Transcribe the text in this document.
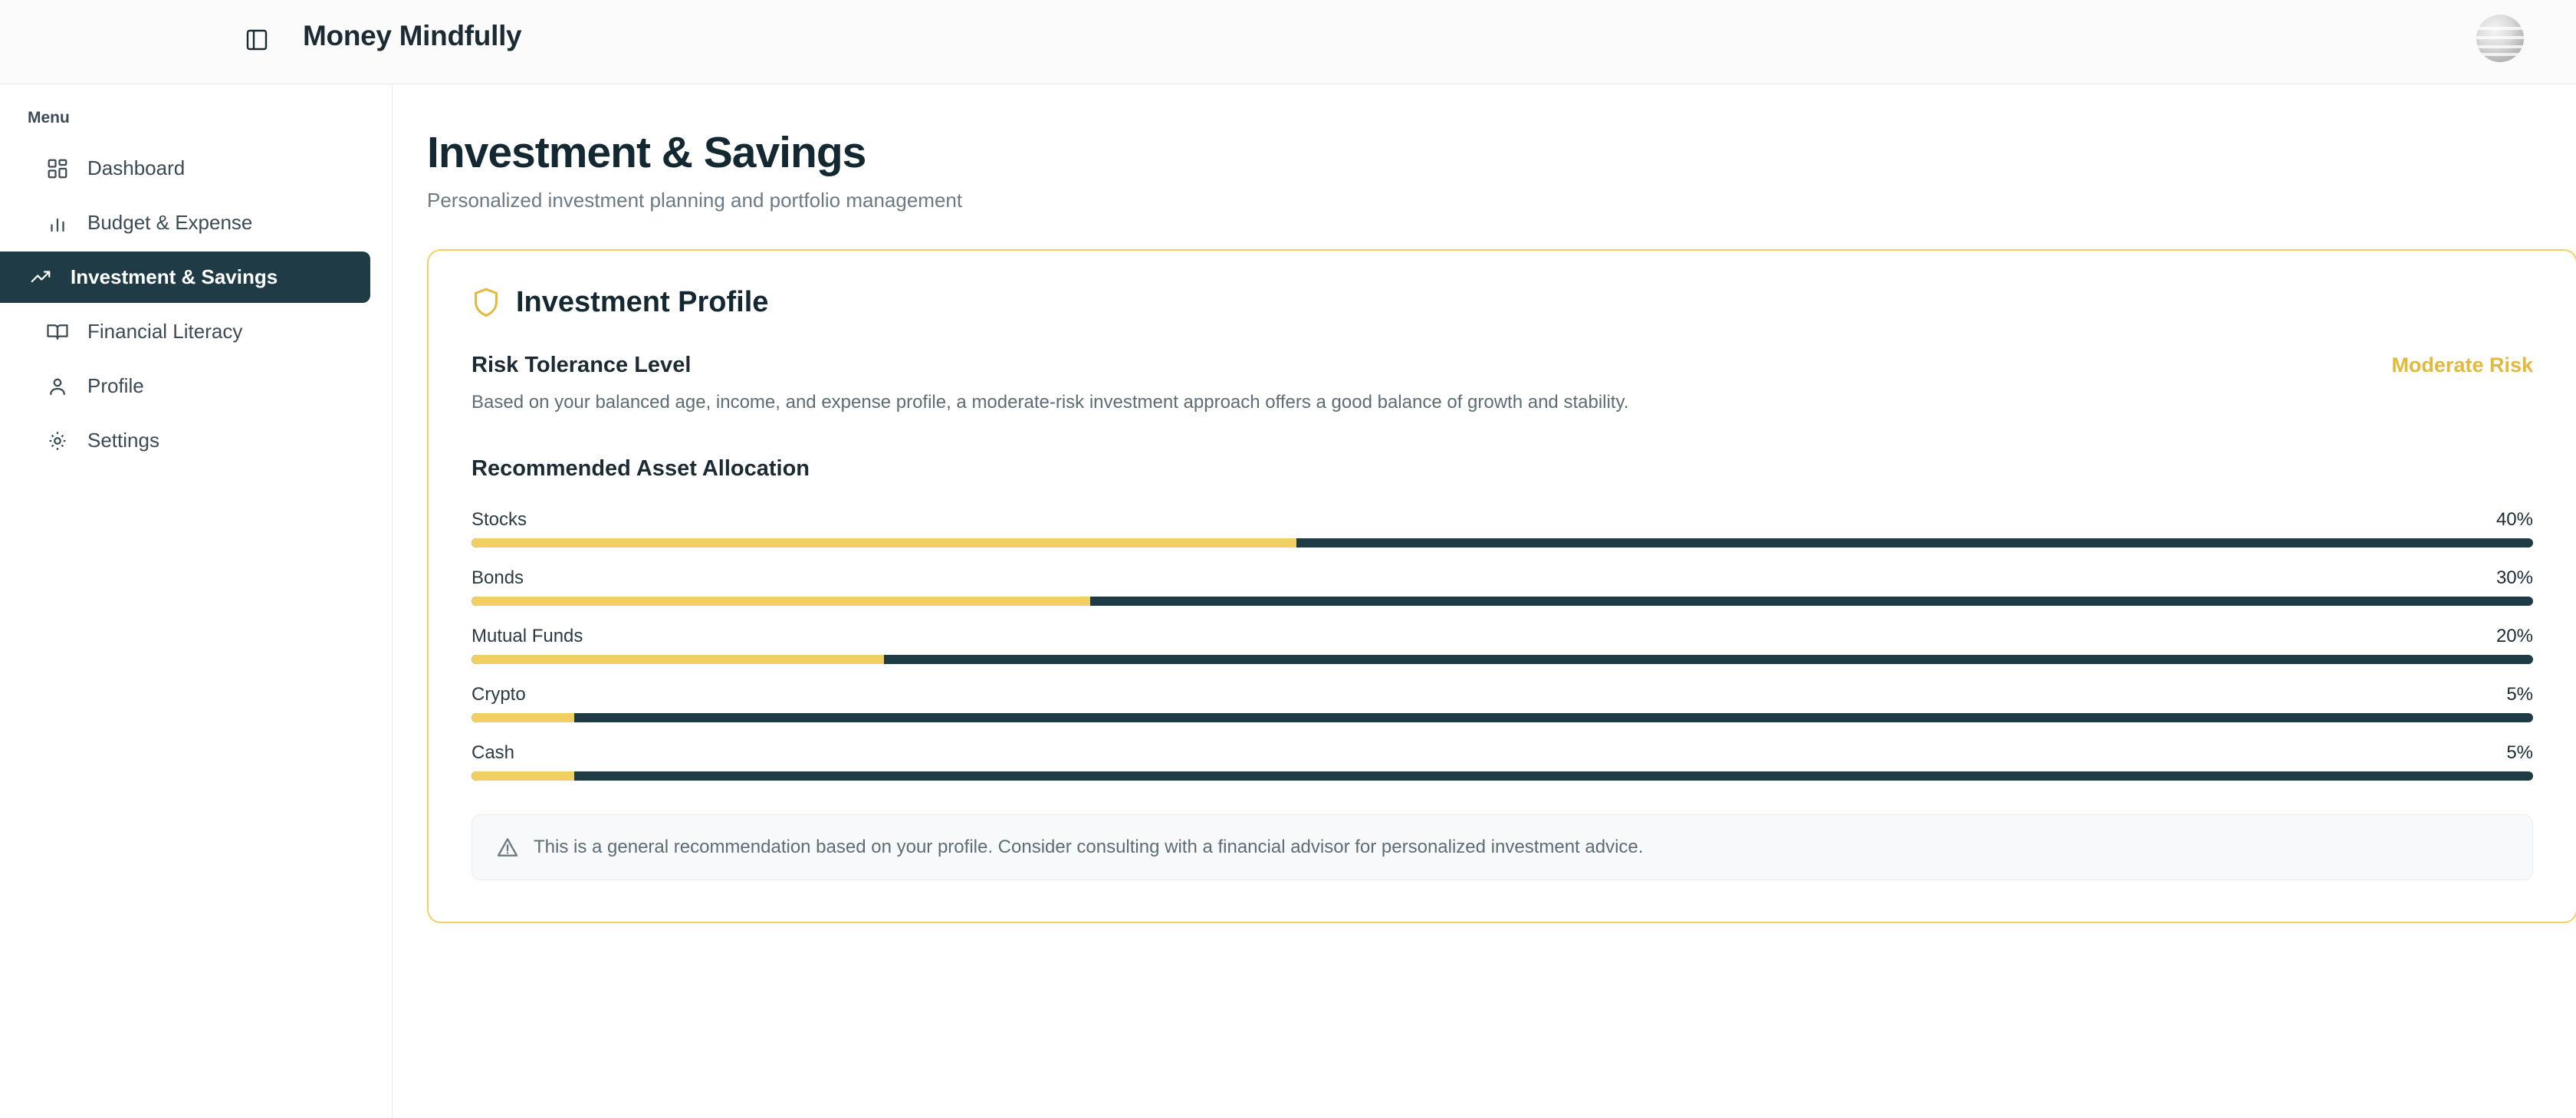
Money Mindfully
Menu
Dashboard
Budget & Expense
Investment & Savings
Financial Literacy
Profile
Settings
Investment & Savings
Personalized investment planning and portfolio management
Investment Profile
Risk Tolerance Level	Moderate Risk
Based on your balanced age, income, and expense profile, a moderate-risk investment approach offers a good balance of growth and stability.
Recommended Asset Allocation
Stocks	40%
Bonds	30%
Mutual Funds	20%
Crypto	5%
Cash	5%
This is a general recommendation based on your profile. Consider consulting with a financial advisor for personalized investment advice.
